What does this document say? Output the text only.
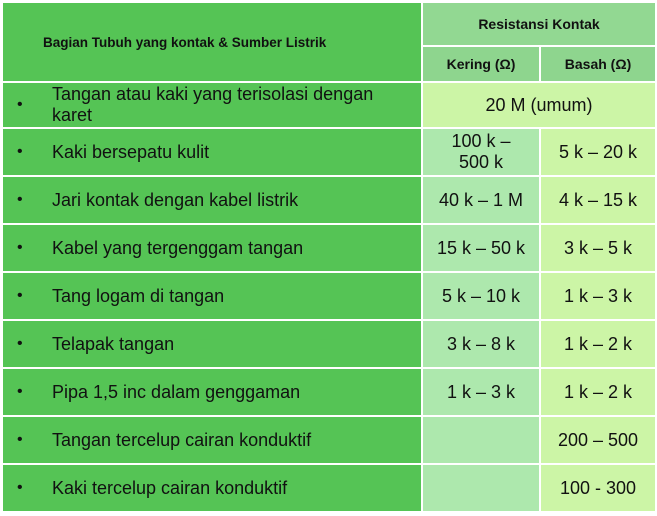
Bagian Tubuh yang kontak & Sumber Listrik	Resistansi Kontak	
	Kering (Ω)	Basah (Ω)

•
Tangan atau kaki yang terisolasi dengan karet	20 M (umum)	

• Kaki bersepatu kulit	100 k – 500 k	5 k – 20 k

• Jari kontak dengan kabel listrik	40 k – 1 M	4 k – 15 k

• Kabel yang tergenggam tangan	15 k – 50 k	3 k – 5 k

• Tang logam di tangan	5 k – 10 k	1 k – 3 k

• Telapak tangan	3 k – 8 k	1 k – 2 k

• Pipa 1,5 inc dalam genggaman	1 k – 3 k	1 k – 2 k

• Tangan tercelup cairan konduktif		200 – 500

• Kaki tercelup cairan konduktif		100 - 300
